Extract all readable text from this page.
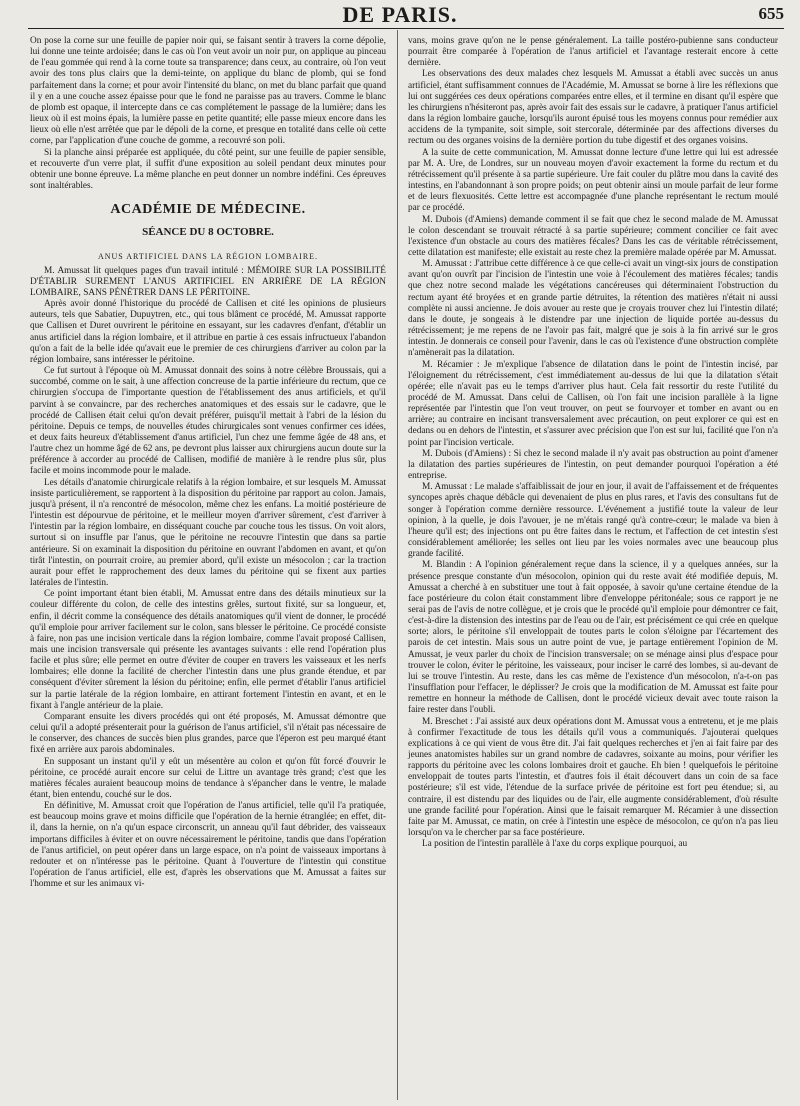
DE PARIS.	655

On pose la corne sur une feuille de papier noir qui, se faisant sentir à travers la corne dépolie, lui donne une teinte ardoisée; dans le cas où l'on veut avoir un noir pur, on applique au pinceau de l'eau gommée qui rend à la corne toute sa transparence; dans ceux, au contraire, où l'on veut avoir des tons plus clairs que la demi-teinte, on applique du blanc de plomb, qui se fond parfaitement dans la corne; et pour avoir l'intensité du blanc, on met du blanc parfait que quand il y en a une couche assez épaisse pour que le fond ne paraisse pas au travers. Comme le blanc de plomb est opaque, il intercepte dans ce cas complétement le passage de la lumière; dans les lieux où il est moins épais, la lumière passe en petite quantité; elle passe mieux encore dans les lieux où elle n'est arrêtée que par le dépoli de la corne, et presque en totalité dans celle où cette corne, par l'application d'une couche de gomme, a recouvré son poli.

Si la planche ainsi préparée est appliquée, du côté peint, sur une feuille de papier sensible, et recouverte d'un verre plat, il suffit d'une exposition au soleil pendant deux minutes pour obtenir une bonne épreuve. La même planche en peut donner un nombre indéfini. Ces épreuves sont inaltérables.

ACADÉMIE DE MÉDECINE.
SÉANCE DU 8 OCTOBRE.
ANUS ARTIFICIEL DANS LA RÉGION LOMBAIRE.

M. Amussat lit quelques pages d'un travail intitulé : MÉMOIRE SUR LA POSSIBILITÉ D'ÉTABLIR SUREMENT L'ANUS ARTIFICIEL EN ARRIÈRE DE LA RÉGION LOMBAIRE, SANS PÉNÉTRER DANS LE PÉRITOINE.

Après avoir donné l'historique du procédé de Callisen et cité les opinions de plusieurs auteurs, tels que Sabatier, Dupuytren, etc., qui tous blâment ce procédé, M. Amussat rapporte que Callisen et Duret ouvrirent le péritoine en essayant, sur les cadavres d'enfant, d'établir un anus artificiel dans la région lombaire, et il attribue en partie à ces essais infructueux l'abandon qu'on a fait de la belle idée qu'avait eue le premier de ces chirurgiens d'arriver au colon par la région lombaire, sans intéresser le péritoine.

Ce fut surtout à l'époque où M. Amussat donnait des soins à notre célèbre Broussais, qui a succombé, comme on le sait, à une affection concreuse de la partie inférieure du rectum, que ce chirurgien s'occupa de l'importante question de l'établissement des anus artificiels, et qu'il parvint à se convaincre, par des recherches anatomiques et des essais sur le cadavre, que le procédé de Callisen était celui qu'on devait préférer, puisqu'il mettait à l'abri de la lésion du péritoine. Depuis ce temps, de nouvelles études chirurgicales sont venues confirmer ces idées, et deux faits heureux d'établissement d'anus artificiel, l'un chez une femme âgée de 48 ans, et l'autre chez un homme âgé de 62 ans, pe devront plus laisser aux chirurgiens aucun doute sur la préférence à accorder au procédé de Callisen, modifié de manière à le rendre plus sûr, plus facile et moins incommode pour le malade.

Les détails d'anatomie chirurgicale relatifs à la région lombaire, et sur lesquels M. Amussat insiste particulièrement, se rapportent à la disposition du péritoine par rapport au colon. Jamais, jusqu'à présent, il n'a rencontré de mésocolon, même chez les enfans. La moitié postérieure de l'intestin est dépourvue de péritoine, et le meilleur moyen d'arriver sûrement, c'est d'arriver à l'intestin par la région lombaire, en disséquant couche par couche tous les tissus. On voit alors, surtout si on insuffle par l'anus, que le péritoine ne recouvre l'intestin que dans sa partie antérieure. Si on examinait la disposition du péritoine en ouvrant l'abdomen en avant, et qu'on tirât l'intestin, on pourrait croire, au premier abord, qu'il existe un mésocolon ; car la traction aurait pour effet le rapprochement des deux lames du péritoine qui se fixent aux parties latérales de l'intestin.

Ce point important étant bien établi, M. Amussat entre dans des détails minutieux sur la couleur différente du colon, de celle des intestins grêles, surtout fixité, sur sa longueur, et, enfin, il décrit comme la conséquence des détails anatomiques qu'il vient de donner, le procédé qu'il emploie pour arriver facilement sur le colon, sans blesser le péritoine. Ce procédé consiste à faire, non pas une incision verticale dans la région lombaire, comme l'avait proposé Callisen, mais une incision transversale qui présente les avantages suivants : elle rend l'opération plus facile et plus sûre; elle permet en outre d'éviter de couper en travers les vaisseaux et les nerfs lombaires; elle donne la facilité de chercher l'intestin dans une plus grande étendue, et par conséquent d'éviter sûrement la lésion du péritoine; enfin, elle permet d'établir l'anus artificiel sur la partie latérale de la région lombaire, en attirant fortement l'intestin en avant, et en le fixant à l'angle antérieur de la plaie.

Comparant ensuite les divers procédés qui ont été proposés, M. Amussat démontre que celui qu'il a adopté présenterait pour la guérison de l'anus artificiel, s'il n'était pas nécessaire de le conserver, des chances de succès bien plus grandes, parce que l'éperon est peu marqué étant fixé en arrière aux parois abdominales.

En supposant un instant qu'il y eût un mésentère au colon et qu'on fût forcé d'ouvrir le péritoine, ce procédé aurait encore sur celui de Littre un avantage très grand; c'est que les matières fécales auraient beaucoup moins de tendance à s'épancher dans le ventre, le malade étant, bien entendu, couché sur le dos.

En définitive, M. Amussat croit que l'opération de l'anus artificiel, telle qu'il l'a pratiquée, est beaucoup moins grave et moins difficile que l'opération de la hernie étranglée; en effet, dit-il, dans la hernie, on n'a qu'un espace circonscrit, un anneau qu'il faut débrider, des vaisseaux importans difficiles à éviter et on ouvre nécessairement le péritoine, tandis que dans l'opération de l'anus artificiel, on peut opérer dans un large espace, on n'a point de vaisseaux importans à redouter et on n'intéresse pas le péritoine. Quant à l'ouverture de l'intestin qui constitue l'opération de l'anus artificiel, elle est, d'après les observations que M. Amussat a faites sur l'homme et sur les animaux vi-

vans, moins grave qu'on ne le pense généralement. La taille postéro-pubienne sans conducteur pourrait être comparée à l'opération de l'anus artificiel et l'avantage resterait encore à cette dernière.

Les observations des deux malades chez lesquels M. Amussat a établi avec succès un anus artificiel, étant suffisamment connues de l'Académie, M. Amussat se borne à lire les réflexions que lui ont suggérées ces deux opérations comparées entre elles, et il termine en disant qu'il espère que les chirurgiens n'hésiteront pas, après avoir fait des essais sur le cadavre, à pratiquer l'anus artificiel dans la région lombaire gauche, lorsqu'ils auront épuisé tous les moyens connus pour remédier aux accidens de la tympanite, soit simple, soit stercorale, déterminée par des affections diverses du rectum ou des organes voisins de la dernière portion du tube digestif et des organes voisins.

A la suite de cette communication, M. Amussat donne lecture d'une lettre qui lui est adressée par M. A. Ure, de Londres, sur un nouveau moyen d'avoir exactement la forme du rectum et du rétrécissement qu'il présente à sa partie supérieure. Ure fait couler du plâtre mou dans la cavité des intestins, en l'abandonnant à son propre poids; on peut obtenir ainsi un moule parfait de leur forme et de leurs flexuosités. Cette lettre est accompagnée d'une planche représentant le rectum moulé par ce procédé.

M. Dubois (d'Amiens) demande comment il se fait que chez le second malade de M. Amussat le colon descendant se trouvait rétracté à sa partie supérieure; comment concilier ce fait avec l'existence d'un obstacle au cours des matières fécales? Dans les cas de véritable rétrécissement, cette dilatation est manifeste; elle existait au reste chez la première malade opérée par M. Amussat.

M. Amussat : J'attribue cette différence à ce que celle-ci avait un vingt-six jours de constipation avant qu'on ouvrît par l'incision de l'intestin une voie à l'écoulement des matières fécales; tandis que chez notre second malade les végétations cancéreuses qui déterminaient l'obstruction du rectum ayant été broyées et en grande partie détruites, la rétention des matières n'était ni aussi complète ni aussi ancienne. Je dois avouer au reste que je croyais trouver chez lui l'intestin dilaté; dans le doute, je songeais à le distendre par une injection de liquide portée au-dessus du rétrécissement; je me repens de ne l'avoir pas fait, malgré que je sois à la fin arrivé sur le gros intestin. Je donnerais ce conseil pour l'avenir, dans le cas où l'existence d'une obstruction complète n'amènerait pas la dilatation.

M. Récamier : Je m'explique l'absence de dilatation dans le point de l'intestin incisé, par l'éloignement du rétrécissement, c'est immédiatement au-dessus de lui que la dilatation s'était opérée; elle n'avait pas eu le temps d'arriver plus haut. Cela fait ressortir du reste l'utilité du procédé de M. Amussat. Dans celui de Callisen, où l'on fait une incision parallèle à la ligne représentée par l'intestin que l'on veut trouver, on peut se fourvoyer et tomber en avant ou en arrière; au contraire en incisant transversalement avec précaution, on peut explorer ce qui est en dedans ou en dehors de l'intestin, et s'assurer avec précision que l'on est sur lui, facilité que l'on n'a point par l'incision verticale.

M. Dubois (d'Amiens) : Si chez le second malade il n'y avait pas obstruction au point d'amener la dilatation des parties supérieures de l'intestin, on peut demander pourquoi l'opération a été entreprise.

M. Amussat : Le malade s'affaiblissait de jour en jour, il avait de l'affaissement et de fréquentes syncopes après chaque débâcle qui devenaient de plus en plus rares, et l'avis des consultans fut de songer à l'opération comme dernière ressource. L'événement a justifié toute la valeur de leur opinion, à la quelle, je dois l'avouer, je ne m'étais rangé qu'à contre-cœur; le malade va bien à l'heure qu'il est; des injections ont pu être faites dans le rectum, et l'affection de cet intestin s'est considérablement améliorée; les selles ont lieu par les voies normales avec une beaucoup plus grande facilité.

M. Blandin : A l'opinion généralement reçue dans la science, il y a quelques années, sur la présence presque constante d'un mésocolon, opinion qui du reste avait été modifiée depuis, M. Amussat a cherché à en substituer une tout à fait opposée, à savoir qu'une certaine étendue de la face postérieure du colon était constamment libre d'enveloppe péritonéale; sous ce rapport je ne serai pas de l'avis de notre collègue, et je crois que le procédé qu'il emploie pour démontrer ce fait, c'est-à-dire la distension des intestins par de l'eau ou de l'air, est précisément ce qui crée en quelque sorte; alors, le péritoine s'il enveloppait de toutes parts le colon s'éloigne par l'écartement des parois de cet intestin. Mais sous un autre point de vue, je partage entièrement l'opinion de M. Amussat, je veux parler du choix de l'incision transversale; on se ménage ainsi plus d'espace pour trouver le colon, éviter le péritoine, les vaisseaux, pour inciser le carré des lombes, si au-devant de lui se trouve l'intestin. Au reste, dans les cas même de l'existence d'un mésocolon, n'a-t-on pas l'insufflation pour l'effacer, le déplisser? Je crois que la modification de M. Amussat est faite pour remettre en honneur la méthode de Callisen, dont le procédé vicieux devait avec toute raison la faire rester dans l'oubli.

M. Breschet : J'ai assisté aux deux opérations dont M. Amussat vous a entretenu, et je me plais à confirmer l'exactitude de tous les détails qu'il vous a communiqués. J'ajouterai quelques explications à ce qui vient de vous être dit. J'ai fait quelques recherches et j'en ai fait faire par des jeunes anatomistes habiles sur un grand nombre de cadavres, soixante au moins, pour vérifier les rapports du péritoine avec les colons lombaires droit et gauche. Eh bien ! quelquefois le péritoine enveloppait de toutes parts l'intestin, et d'autres fois il était découvert dans un coin de sa face postérieure; s'il est vide, l'étendue de la surface privée de péritoine est fort peu étendue; si, au contraire, il est distendu par des liquides ou de l'air, elle augmente considérablement, d'où résulte une grande facilité pour l'opération. Ainsi que le faisait remarquer M. Récamier à une dissection faite par M. Amussat, ce matin, on crée à l'intestin une espèce de mésocolon, ce qu'on n'a pas lieu lorsqu'on va le chercher par sa face postérieure.

La position de l'intestin parallèle à l'axe du corps explique pourquoi, au
